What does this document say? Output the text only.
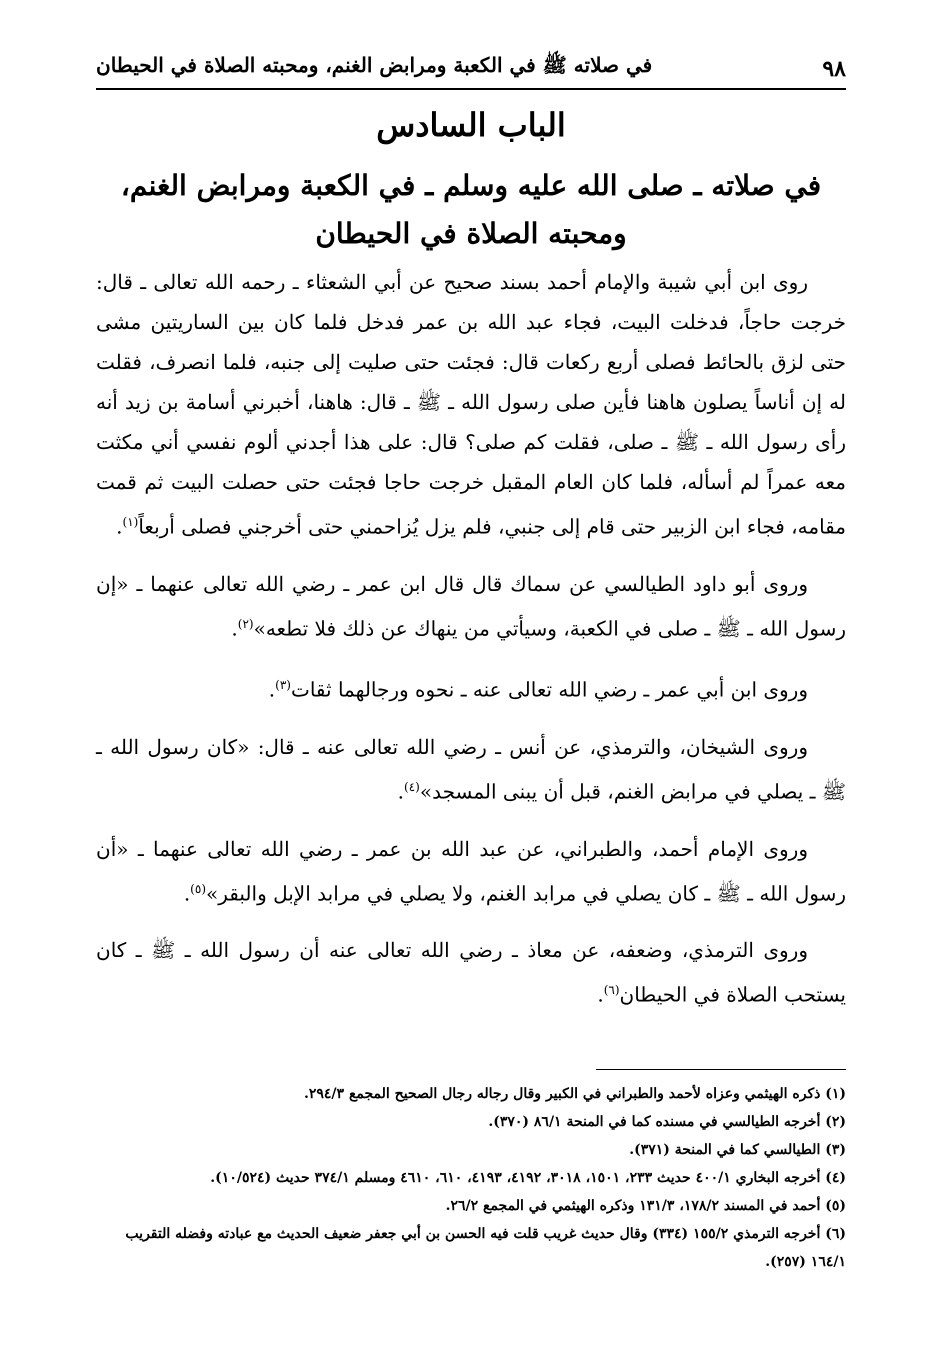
٩٨
في صلاته ﷺ في الكعبة ومرابض الغنم، ومحبته الصلاة في الحيطان
الباب السادس
في صلاته ـ صلى الله عليه وسلم ـ في الكعبة ومرابض الغنم،
ومحبته الصلاة في الحيطان

روى ابن أبي شيبة والإمام أحمد بسند صحيح عن أبي الشعثاء ـ رحمه الله تعالى ـ قال: خرجت حاجاً، فدخلت البيت، فجاء عبد الله بن عمر فدخل فلما كان بين الساريتين مشى حتى لزق بالحائط فصلى أربع ركعات قال: فجئت حتى صليت إلى جنبه، فلما انصرف، فقلت له إن أناساً يصلون هاهنا فأين صلى رسول الله ـ ﷺ ـ قال: هاهنا، أخبرني أسامة بن زيد أنه رأى رسول الله ـ ﷺ ـ صلى، فقلت كم صلى؟ قال: على هذا أجدني ألوم نفسي أني مكثت معه عمراً لم أسأله، فلما كان العام المقبل خرجت حاجا فجئت حتى حصلت البيت ثم قمت مقامه، فجاء ابن الزبير حتى قام إلى جنبي، فلم يزل يُزاحمني حتى أخرجني فصلى أربعاً$^{(١)}$.

وروى أبو داود الطيالسي عن سماك قال قال ابن عمر ـ رضي الله تعالى عنهما ـ «إن رسول الله ـ ﷺ ـ صلى في الكعبة، وسيأتي من ينهاك عن ذلك فلا تطعه»$^{(٢)}$.

وروى ابن أبي عمر ـ رضي الله تعالى عنه ـ نحوه ورجالهما ثقات$^{(٣)}$.

وروى الشيخان، والترمذي، عن أنس ـ رضي الله تعالى عنه ـ قال: «كان رسول الله ـ ﷺ ـ يصلي في مرابض الغنم، قبل أن يبنى المسجد»$^{(٤)}$.

وروى الإمام أحمد، والطبراني، عن عبد الله بن عمر ـ رضي الله تعالى عنهما ـ «أن رسول الله ـ ﷺ ـ كان يصلي في مرابد الغنم، ولا يصلي في مرابد الإبل والبقر»$^{(٥)}$.

وروى الترمذي، وضعفه، عن معاذ ـ رضي الله تعالى عنه أن رسول الله ـ ﷺ ـ كان يستحب الصلاة في الحيطان$^{(٦)}$.

(١) ذكره الهيثمي وعزاه لأحمد والطبراني في الكبير وقال رجاله رجال الصحيح المجمع ٢٩٤/٣.

(٢) أخرجه الطيالسي في مسنده كما في المنحة ٨٦/١ (٣٧٠).

(٣) الطيالسي كما في المنحة (٣٧١).

(٤) أخرجه البخاري ٤٠٠/١ حديث ٢٣٣، ١٥٠١، ٣٠١٨، ٤١٩٢، ٤١٩٣، ٦١٠، ٤٦١٠ ومسلم ٣٧٤/١ حديث (١٠/٥٢٤).

(٥) أحمد في المسند ١٧٨/٢، ١٣١/٣ وذكره الهيثمي في المجمع ٢٦/٢.

(٦) أخرجه الترمذي ١٥٥/٢ (٣٣٤) وقال حديث غريب قلت فيه الحسن بن أبي جعفر ضعيف الحديث مع عبادته وفضله التقريب ١٦٤/١ (٢٥٧).
